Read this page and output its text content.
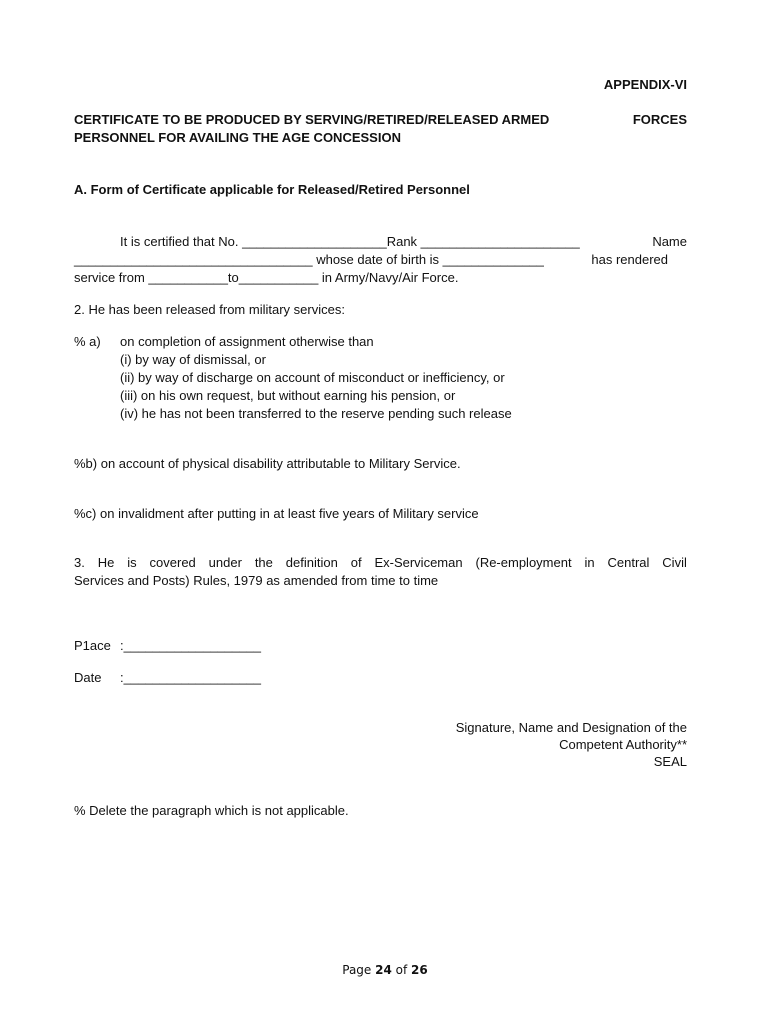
APPENDIX-VI
CERTIFICATE TO BE PRODUCED BY SERVING/RETIRED/RELEASED ARMED	FORCES
PERSONNEL FOR AVAILING THE AGE CONCESSION
A. Form of Certificate applicable for Released/Retired Personnel
It is certified that No. ____________________Rank ______________________	Name
_________________________________ whose date of birth is ______________	has rendered
service from ___________to___________ in Army/Navy/Air Force.
2. He has been released from military services:
% a) on completion of assignment otherwise than
(i) by way of dismissal, or
(ii) by way of discharge on account of misconduct or inefficiency, or
(iii) on his own request, but without earning his pension, or
(iv) he has not been transferred to the reserve pending such release
%b) on account of physical disability attributable to Military Service.
%c) on invalidment after putting in at least five years of Military service
3. He is covered under the definition of Ex-Serviceman (Re-employment in Central Civil
Services and Posts) Rules, 1979 as amended from time to time
P1ace :___________________
Date :___________________
Signature, Name and Designation of the
Competent Authority**
SEAL
% Delete the paragraph which is not applicable.
Page 24 of 26
